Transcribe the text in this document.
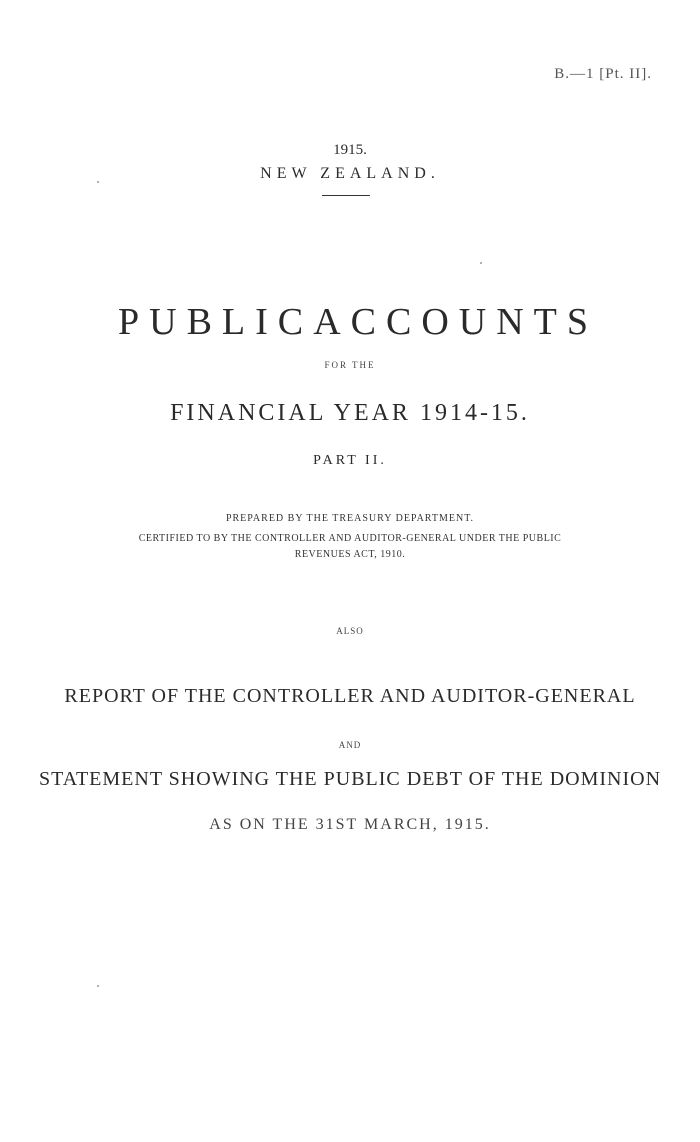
B.—1 [Pt. II].
1915.
NEW ZEALAND.
PUBLIC ACCOUNTS
FOR THE
FINANCIAL YEAR 1914-15.
PART II.
PREPARED BY THE TREASURY DEPARTMENT.
CERTIFIED TO BY THE CONTROLLER AND AUDITOR-GENERAL UNDER THE PUBLIC
REVENUES ACT, 1910.
ALSO
REPORT OF THE CONTROLLER AND AUDITOR-GENERAL
AND
STATEMENT SHOWING THE PUBLIC DEBT OF THE DOMINION
AS ON THE 31ST MARCH, 1915.
